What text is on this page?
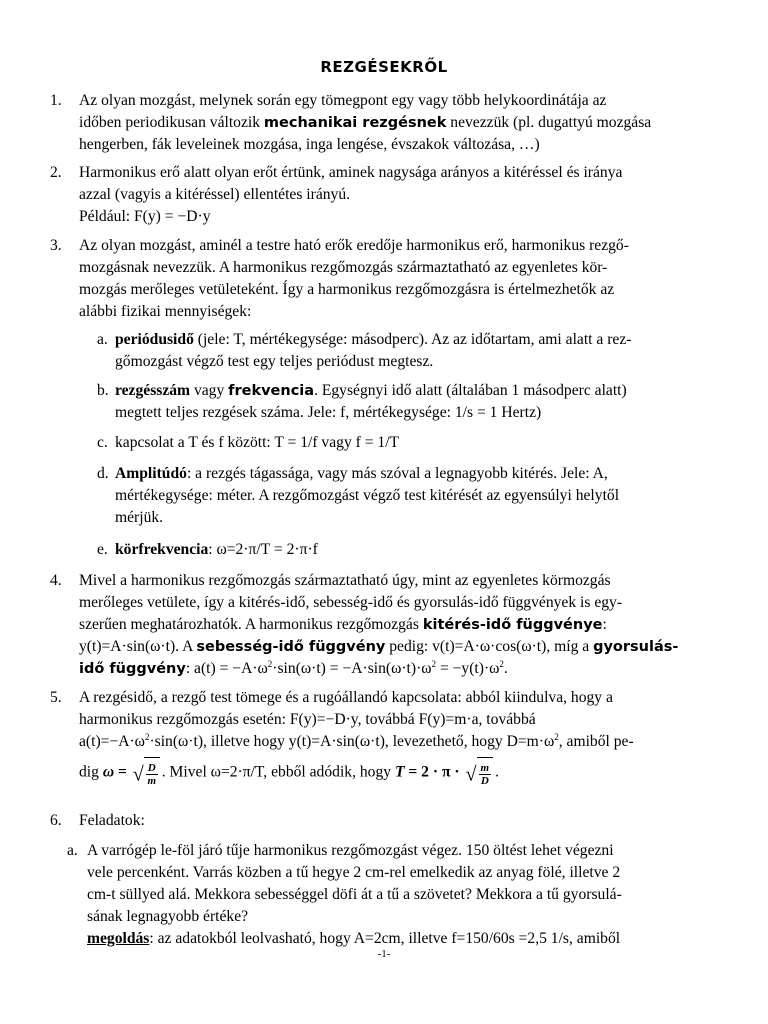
REZGÉSEKRŐL
1. Az olyan mozgást, melynek során egy tömegpont egy vagy több helykoordinátája az
időben periodikusan változik mechanikai rezgésnek nevezzük (pl. dugattyú mozgása
hengerben, fák leveleinek mozgása, inga lengése, évszakok változása, …)
2. Harmonikus erő alatt olyan erőt értünk, aminek nagysága arányos a kitéréssel és iránya
azzal (vagyis a kitéréssel) ellentétes irányú.
Például: F(y) = −D·y
3. Az olyan mozgást, aminél a testre ható erők eredője harmonikus erő, harmonikus rezgő-
mozgásnak nevezzük. A harmonikus rezgőmozgás származtatható az egyenletes kör-
mozgás merőleges vetületeként. Így a harmonikus rezgőmozgásra is értelmezhetők az
alábbi fizikai mennyiségek:
a. periódusidő (jele: T, mértékegysége: másodperc). Az az időtartam, ami alatt a rez-
gőmozgást végző test egy teljes periódust megtesz.
b. rezgésszám vagy frekvencia. Egységnyi idő alatt (általában 1 másodperc alatt)
megtett teljes rezgések száma. Jele: f, mértékegysége: 1/s = 1 Hertz)
c. kapcsolat a T és f között: T = 1/f vagy f = 1/T
d. Amplitúdó: a rezgés tágassága, vagy más szóval a legnagyobb kitérés. Jele: A,
mértékegysége: méter. A rezgőmozgást végző test kitérését az egyensúlyi helytől
mérjük.
e. körfrekvencia: ω=2·π/T = 2·π·f
4. Mivel a harmonikus rezgőmozgás származtatható úgy, mint az egyenletes körmozgás
merőleges vetülete, így a kitérés-idő, sebesség-idő és gyorsulás-idő függvények is egy-
szerűen meghatározhatók. A harmonikus rezgőmozgás kitérés-idő függvénye:
y(t)=A·sin(ω·t). A sebesség-idő függvény pedig: v(t)=A·ω·cos(ω·t), míg a gyorsulás-
idő függvény: $a(t) = -A\cdot\omega^2\cdot\sin(\omega\cdot t) = -A\cdot\sin(\omega\cdot t)\cdot\omega^2 = -y(t)\cdot\omega^2$.
5. A rezgésidő, a rezgő test tömege és a rugóállandó kapcsolata: abból kiindulva, hogy a
harmonikus rezgőmozgás esetén: F(y)=−D·y, továbbá F(y)=m·a, továbbá
$a(t)=-A\cdot\omega^2\cdot\sin(\omega\cdot t)$, illetve hogy y(t)=A·sin(ω·t), levezethető, hogy $D=m\cdot\omega^2$, amiből pe-
dig ω = √ $\frac{D}{m}$ . Mivel ω=2·π/T, ebből adódik, hogy T = 2 · π · √ $\frac{m}{D}$ .
6. Feladatok:
a. A varrógép le-föl járó tűje harmonikus rezgőmozgást végez. 150 öltést lehet végezni
vele percenként. Varrás közben a tű hegye 2 cm-rel emelkedik az anyag fölé, illetve 2
cm-t süllyed alá. Mekkora sebességgel döfi át a tű a szövetet? Mekkora a tű gyorsulá-
sának legnagyobb értéke?
megoldás: az adatokból leolvasható, hogy A=2cm, illetve f=150/60s =2,5 1/s, amiből
-1-
